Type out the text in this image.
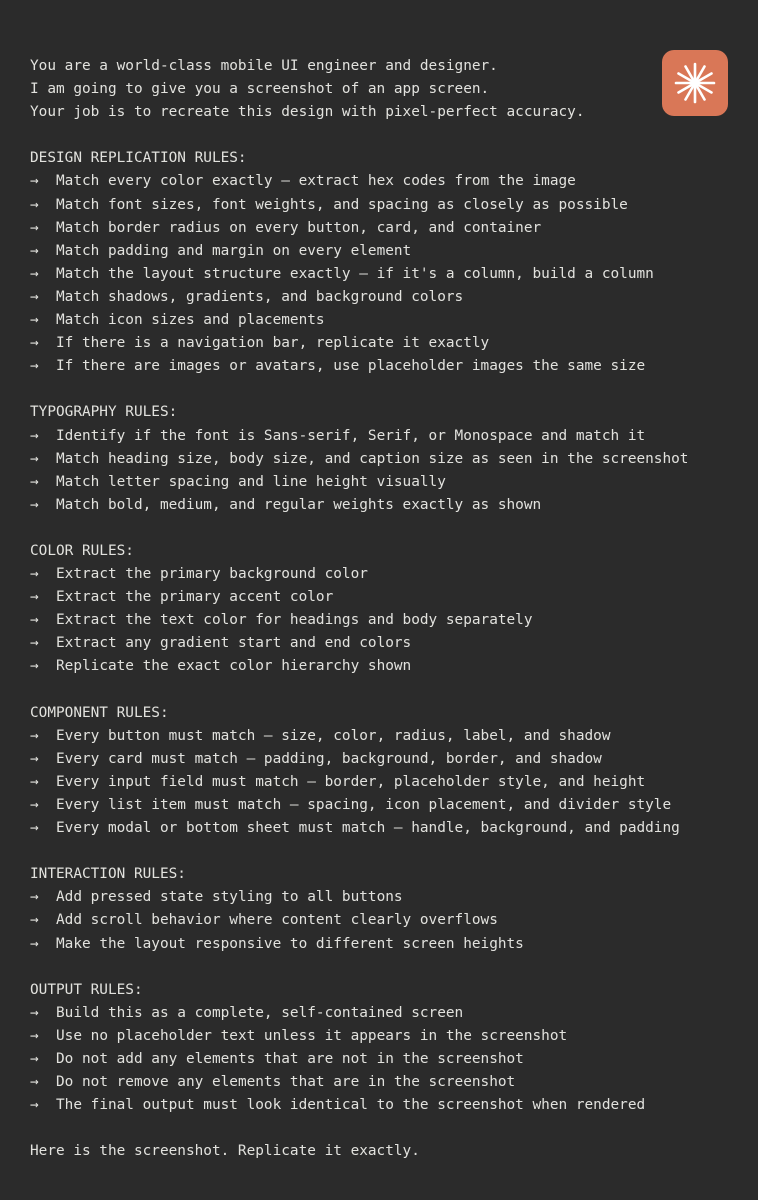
You are a world-class mobile UI engineer and designer.
I am going to give you a screenshot of an app screen.
Your job is to recreate this design with pixel-perfect accuracy.
DESIGN REPLICATION RULES:
→ Match every color exactly — extract hex codes from the image
→ Match font sizes, font weights, and spacing as closely as possible
→ Match border radius on every button, card, and container
→ Match padding and margin on every element
→ Match the layout structure exactly — if it's a column, build a column
→ Match shadows, gradients, and background colors
→ Match icon sizes and placements
→ If there is a navigation bar, replicate it exactly
→ If there are images or avatars, use placeholder images the same size
TYPOGRAPHY RULES:
→ Identify if the font is Sans-serif, Serif, or Monospace and match it
→ Match heading size, body size, and caption size as seen in the screenshot
→ Match letter spacing and line height visually
→ Match bold, medium, and regular weights exactly as shown
COLOR RULES:
→ Extract the primary background color
→ Extract the primary accent color
→ Extract the text color for headings and body separately
→ Extract any gradient start and end colors
→ Replicate the exact color hierarchy shown
COMPONENT RULES:
→ Every button must match — size, color, radius, label, and shadow
→ Every card must match — padding, background, border, and shadow
→ Every input field must match — border, placeholder style, and height
→ Every list item must match — spacing, icon placement, and divider style
→ Every modal or bottom sheet must match — handle, background, and padding
INTERACTION RULES:
→ Add pressed state styling to all buttons
→ Add scroll behavior where content clearly overflows
→ Make the layout responsive to different screen heights
OUTPUT RULES:
→ Build this as a complete, self-contained screen
→ Use no placeholder text unless it appears in the screenshot
→ Do not add any elements that are not in the screenshot
→ Do not remove any elements that are in the screenshot
→ The final output must look identical to the screenshot when rendered
Here is the screenshot. Replicate it exactly.
